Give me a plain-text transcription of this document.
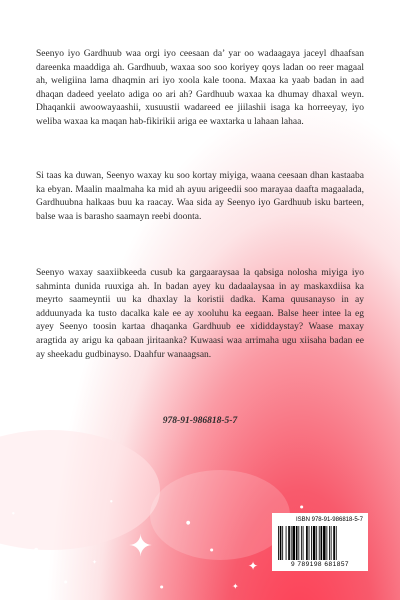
✦
✦
✦
✦
●
●
●
●
●
●
●
●

Seenyo iyo Gardhuub waa orgi iyo ceesaan da’ yar oo wadaagaya jaceyl dhaafsan dareenka maaddiga ah. Gardhuub, waxaa soo soo koriyey qoys ladan oo reer magaal ah, weligiina lama dhaqmin ari iyo xoola kale toona. Maxaa ka yaab badan in aad dhaqan dadeed yeelato adiga oo ari ah? Gardhuub waxaa ka dhumay dhaxal weyn. Dhaqankii awoowayaashii, xusuustii wadareed ee jiilashii isaga ka horreeyay, iyo weliba waxaa ka maqan hab-fikirikii ariga ee waxtarka u lahaan lahaa.

Si taas ka duwan, Seenyo waxay ku soo kortay miyiga, waana ceesaan dhan kastaaba ka ebyan. Maalin maalmaha ka mid ah ayuu arigeedii soo marayaa daafta magaalada, Gardhuubna halkaas buu ka raacay. Waa sida ay Seenyo iyo Gardhuub isku barteen, balse waa is barasho saamayn reebi doonta.

Seenyo waxay saaxiibkeeda cusub ka gargaaraysaa la qabsiga nolosha miyiga iyo sahminta dunida ruuxiga ah. In badan ayey ku dadaalaysaa in ay maskaxdiisa ka meyrto saameyntii uu ka dhaxlay la koristii dadka. Kama quusanayso in ay adduunyada ka tusto dacalka kale ee ay xooluhu ka eegaan. Balse heer intee la eg ayey Seenyo toosin kartaa dhaqanka Gardhuub ee xididdaystay? Waase maxay aragtida ay arigu ka qabaan jiritaanka? Kuwaasi waa arrimaha ugu xiisaha badan ee ay sheekadu gudbinayso. Daahfur wanaagsan.

978-91-986818-5-7
ISBN 978-91-986818-5-7
9 789198 681857
